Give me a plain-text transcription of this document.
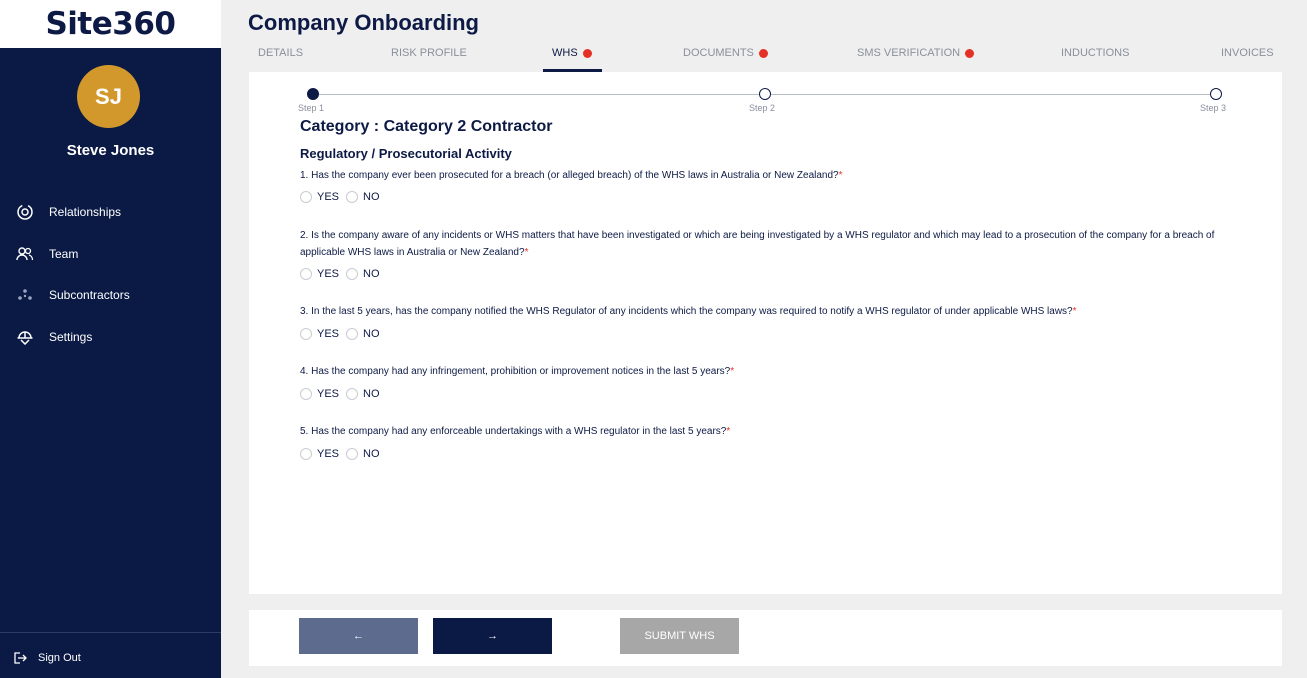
Site360
SJ
Steve Jones
Relationships
Team
Subcontractors
Settings
Sign Out
Company Onboarding
DETAILS	RISK PROFILE	WHS	DOCUMENTS	SMS VERIFICATION	INDUCTIONS	INVOICES
Step 1	Step 2	Step 3
Category : Category 2 Contractor
Regulatory / Prosecutorial Activity
1. Has the company ever been prosecuted for a breach (or alleged breach) of the WHS laws in Australia or New Zealand?*
YES NO
2. Is the company aware of any incidents or WHS matters that have been investigated or which are being investigated by a WHS regulator and which may lead to a prosecution of the company for a breach of applicable WHS laws in Australia or New Zealand?*
YES NO
3. In the last 5 years, has the company notified the WHS Regulator of any incidents which the company was required to notify a WHS regulator of under applicable WHS laws?*
YES NO
4. Has the company had any infringement, prohibition or improvement notices in the last 5 years?*
YES NO
5. Has the company had any enforceable undertakings with a WHS regulator in the last 5 years?*
YES NO
←	→	SUBMIT WHS
